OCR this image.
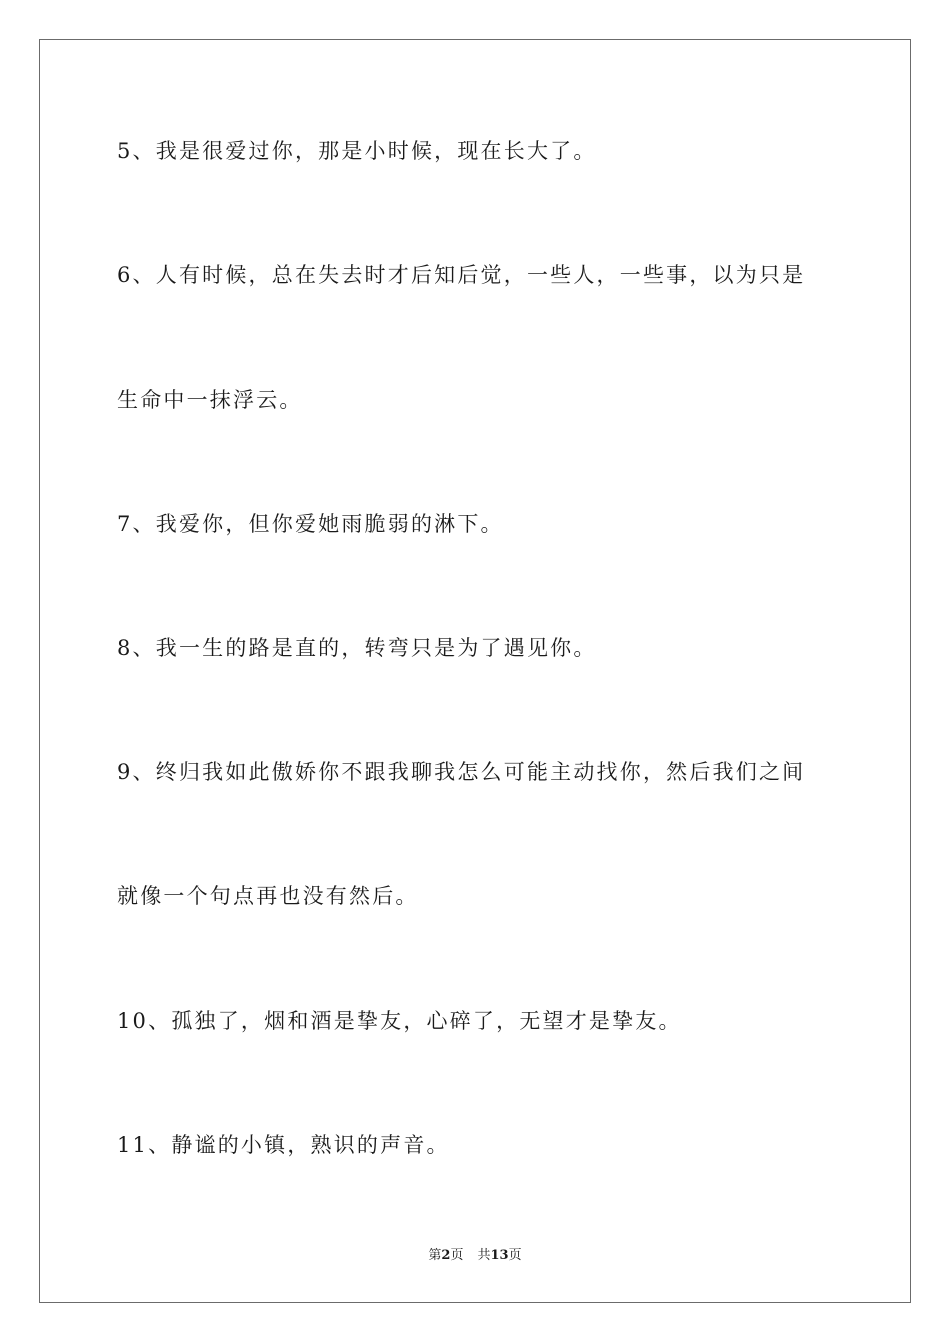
5、我是很爱过你，那是小时候，现在长大了。
6、人有时候，总在失去时才后知后觉，一些人，一些事，以为只是
生命中一抹浮云。
7、我爱你，但你爱她雨脆弱的淋下。
8、我一生的路是直的，转弯只是为了遇见你。
9、终归我如此傲娇你不跟我聊我怎么可能主动找你，然后我们之间
就像一个句点再也没有然后。
10、孤独了，烟和酒是挚友，心碎了，无望才是挚友。
11、静谧的小镇，熟识的声音。
第2页 共13页
